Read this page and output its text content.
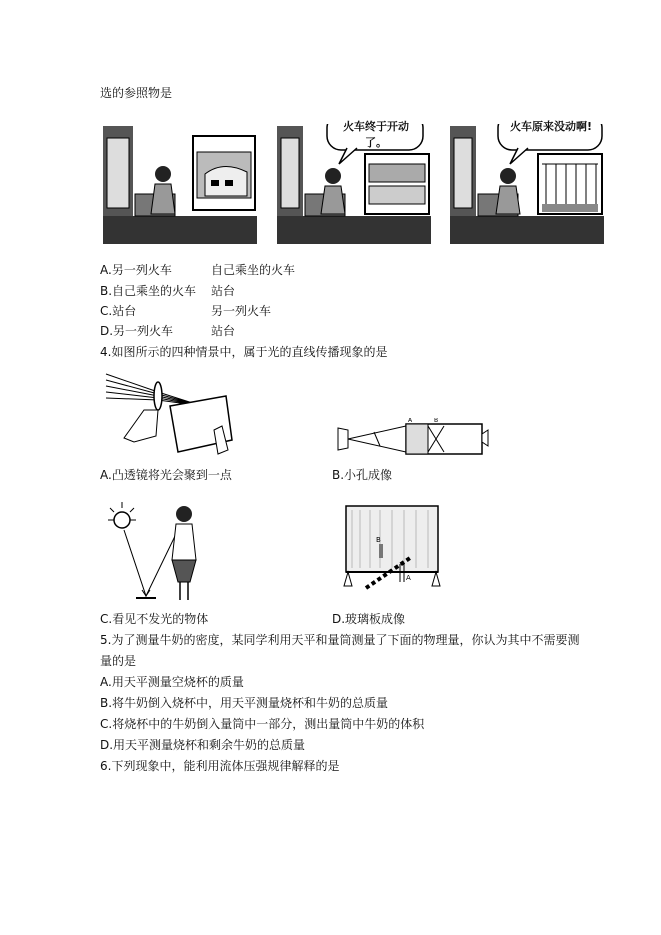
选的参照物是
火车终于开动了。
火车原来没动啊!
A.另一列火车	自己乘坐的火车
B.自己乘坐的火车 站台
C.站台	另一列火车
D.另一列火车	站台
4.如图所示的四种情景中，属于光的直线传播现象的是
A	B
A.凸透镜将光会聚到一点	B.小孔成像
B
A
C.看见不发光的物体	D.玻璃板成像
5.为了测量牛奶的密度，某同学利用天平和量筒测量了下面的物理量，你认为其中不需要测
量的是
A.用天平测量空烧杯的质量
B.将牛奶倒入烧杯中，用天平测量烧杯和牛奶的总质量
C.将烧杯中的牛奶倒入量筒中一部分，测出量筒中牛奶的体积
D.用天平测量烧杯和剩余牛奶的总质量
6.下列现象中，能利用流体压强规律解释的是
